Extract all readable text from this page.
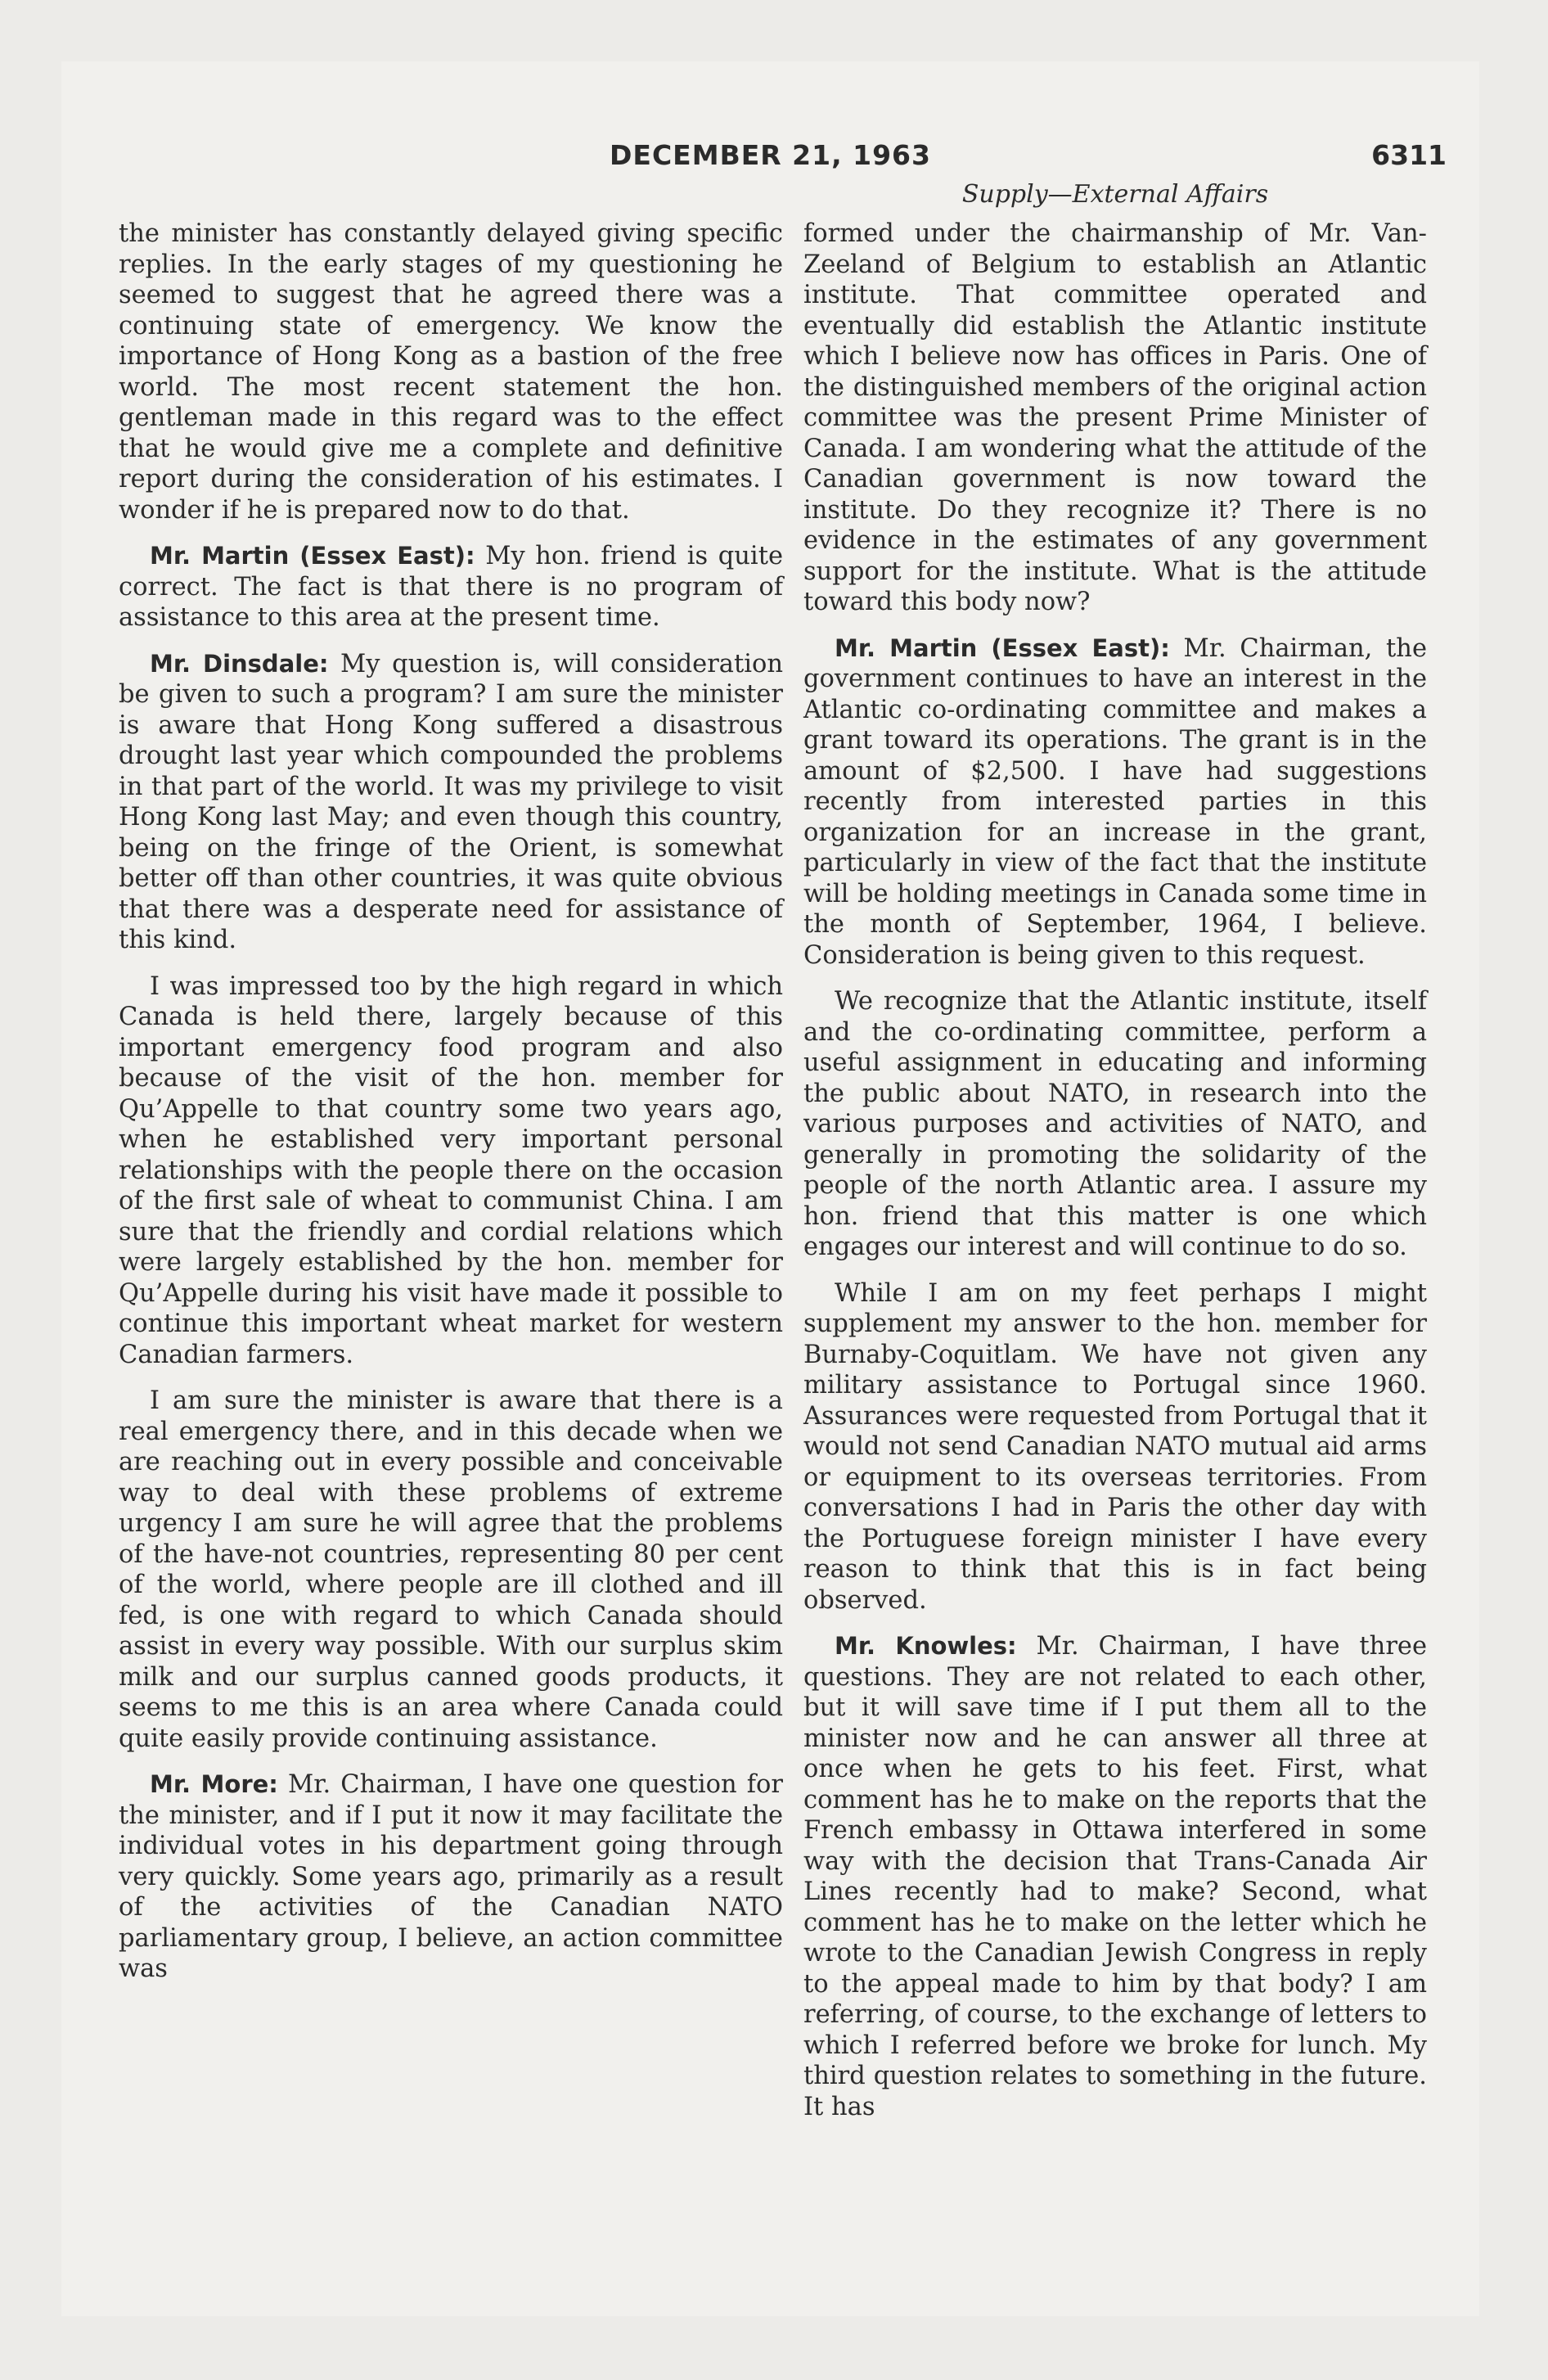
DECEMBER 21, 1963	6311
Supply—External Affairs

the minister has constantly delayed giving specific replies. In the early stages of my questioning he seemed to suggest that he agreed there was a continuing state of emergency. We know the importance of Hong Kong as a bastion of the free world. The most recent statement the hon. gentleman made in this regard was to the effect that he would give me a complete and definitive report during the consideration of his estimates. I wonder if he is prepared now to do that.

Mr. Martin (Essex East): My hon. friend is quite correct. The fact is that there is no program of assistance to this area at the present time.

Mr. Dinsdale: My question is, will consideration be given to such a program? I am sure the minister is aware that Hong Kong suffered a disastrous drought last year which compounded the problems in that part of the world. It was my privilege to visit Hong Kong last May; and even though this country, being on the fringe of the Orient, is somewhat better off than other countries, it was quite obvious that there was a desperate need for assistance of this kind.

I was impressed too by the high regard in which Canada is held there, largely because of this important emergency food program and also because of the visit of the hon. member for Qu’Appelle to that country some two years ago, when he established very important personal relationships with the people there on the occasion of the first sale of wheat to communist China. I am sure that the friendly and cordial relations which were largely established by the hon. member for Qu’Appelle during his visit have made it possible to continue this important wheat market for western Canadian farmers.

I am sure the minister is aware that there is a real emergency there, and in this decade when we are reaching out in every possible and conceivable way to deal with these problems of extreme urgency I am sure he will agree that the problems of the have-not countries, representing 80 per cent of the world, where people are ill clothed and ill fed, is one with regard to which Canada should assist in every way possible. With our surplus skim milk and our surplus canned goods products, it seems to me this is an area where Canada could quite easily provide continuing assistance.

Mr. More: Mr. Chairman, I have one question for the minister, and if I put it now it may facilitate the individual votes in his department going through very quickly. Some years ago, primarily as a result of the activities of the Canadian NATO parliamentary group, I believe, an action committee was

formed under the chairmanship of Mr. Van-Zeeland of Belgium to establish an Atlantic institute. That committee operated and eventually did establish the Atlantic institute which I believe now has offices in Paris. One of the distinguished members of the original action committee was the present Prime Minister of Canada. I am wondering what the attitude of the Canadian government is now toward the institute. Do they recognize it? There is no evidence in the estimates of any government support for the institute. What is the attitude toward this body now?

Mr. Martin (Essex East): Mr. Chairman, the government continues to have an interest in the Atlantic co-ordinating committee and makes a grant toward its operations. The grant is in the amount of $2,500. I have had suggestions recently from interested parties in this organization for an increase in the grant, particularly in view of the fact that the institute will be holding meetings in Canada some time in the month of September, 1964, I believe. Consideration is being given to this request.

We recognize that the Atlantic institute, itself and the co-ordinating committee, perform a useful assignment in educating and informing the public about NATO, in research into the various purposes and activities of NATO, and generally in promoting the solidarity of the people of the north Atlantic area. I assure my hon. friend that this matter is one which engages our interest and will continue to do so.

While I am on my feet perhaps I might supplement my answer to the hon. member for Burnaby-Coquitlam. We have not given any military assistance to Portugal since 1960. Assurances were requested from Portugal that it would not send Canadian NATO mutual aid arms or equipment to its overseas territories. From conversations I had in Paris the other day with the Portuguese foreign minister I have every reason to think that this is in fact being observed.

Mr. Knowles: Mr. Chairman, I have three questions. They are not related to each other, but it will save time if I put them all to the minister now and he can answer all three at once when he gets to his feet. First, what comment has he to make on the reports that the French embassy in Ottawa interfered in some way with the decision that Trans-Canada Air Lines recently had to make? Second, what comment has he to make on the letter which he wrote to the Canadian Jewish Congress in reply to the appeal made to him by that body? I am referring, of course, to the exchange of letters to which I referred before we broke for lunch. My third question relates to something in the future. It has
